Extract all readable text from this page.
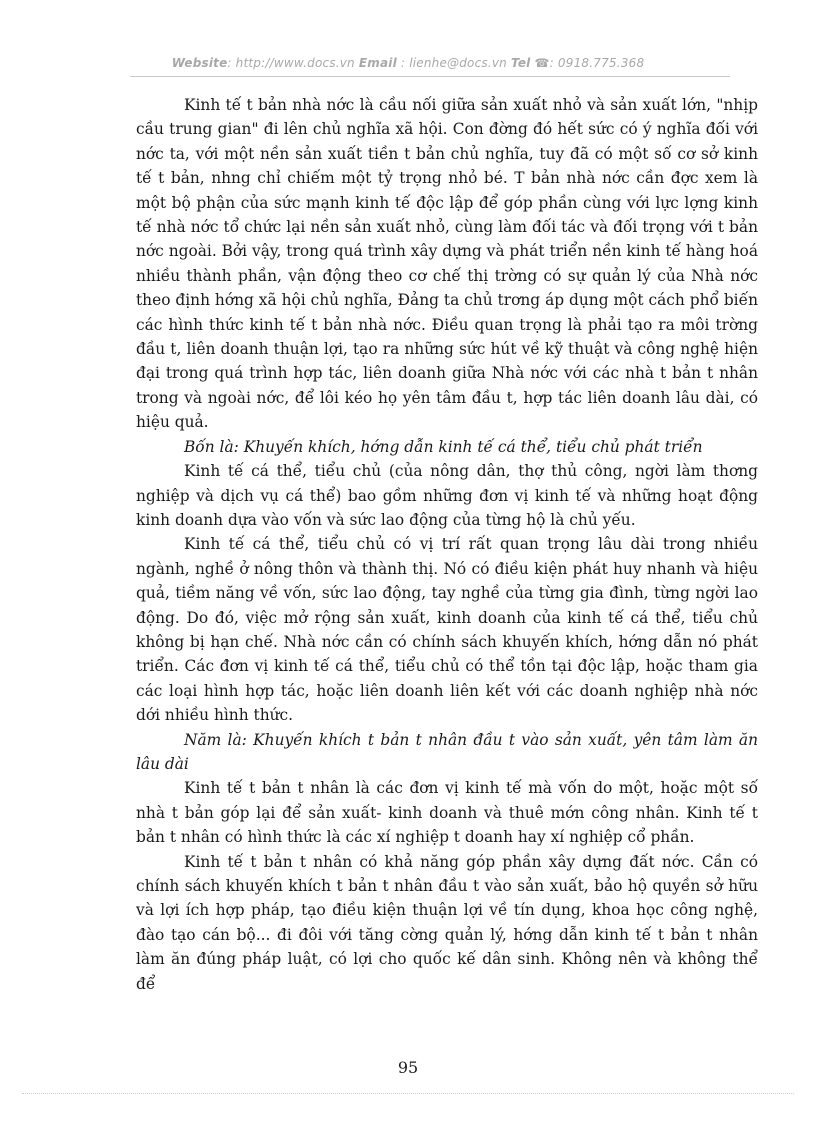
Website: http://www.docs.vn Email : lienhe@docs.vn Tel ☎: 0918.775.368

Kinh tế t bản nhà nớc là cầu nối giữa sản xuất nhỏ và sản xuất lớn, "nhịp cầu trung gian" đi lên chủ nghĩa xã hội. Con đờng đó hết sức có ý nghĩa đối với nớc ta, với một nền sản xuất tiền t bản chủ nghĩa, tuy đã có một số cơ sở kinh tế t bản, nhng chỉ chiếm một tỷ trọng nhỏ bé. T bản nhà nớc cần đợc xem là một bộ phận của sức mạnh kinh tế độc lập để góp phần cùng với lực lợng kinh tế nhà nớc tổ chức lại nền sản xuất nhỏ, cùng làm đối tác và đối trọng với t bản nớc ngoài. Bởi vậy, trong quá trình xây dựng và phát triển nền kinh tế hàng hoá nhiều thành phần, vận động theo cơ chế thị trờng có sự quản lý của Nhà nớc theo định hớng xã hội chủ nghĩa, Đảng ta chủ trơng áp dụng một cách phổ biến các hình thức kinh tế t bản nhà nớc. Điều quan trọng là phải tạo ra môi trờng đầu t, liên doanh thuận lợi, tạo ra những sức hút về kỹ thuật và công nghệ hiện đại trong quá trình hợp tác, liên doanh giữa Nhà nớc với các nhà t bản t nhân trong và ngoài nớc, để lôi kéo họ yên tâm đầu t, hợp tác liên doanh lâu dài, có hiệu quả.

Bốn là: Khuyến khích, hớng dẫn kinh tế cá thể, tiểu chủ phát triển

Kinh tế cá thể, tiểu chủ (của nông dân, thợ thủ công, ngời làm thơng nghiệp và dịch vụ cá thể) bao gồm những đơn vị kinh tế và những hoạt động kinh doanh dựa vào vốn và sức lao động của từng hộ là chủ yếu.

Kinh tế cá thể, tiểu chủ có vị trí rất quan trọng lâu dài trong nhiều ngành, nghề ở nông thôn và thành thị. Nó có điều kiện phát huy nhanh và hiệu quả, tiềm năng về vốn, sức lao động, tay nghề của từng gia đình, từng ngời lao động. Do đó, việc mở rộng sản xuất, kinh doanh của kinh tế cá thể, tiểu chủ không bị hạn chế. Nhà nớc cần có chính sách khuyến khích, hớng dẫn nó phát triển. Các đơn vị kinh tế cá thể, tiểu chủ có thể tồn tại độc lập, hoặc tham gia các loại hình hợp tác, hoặc liên doanh liên kết với các doanh nghiệp nhà nớc dới nhiều hình thức.

Năm là: Khuyến khích t bản t nhân đầu t vào sản xuất, yên tâm làm ăn lâu dài

Kinh tế t bản t nhân là các đơn vị kinh tế mà vốn do một, hoặc một số nhà t bản góp lại để sản xuất- kinh doanh và thuê mớn công nhân. Kinh tế t bản t nhân có hình thức là các xí nghiệp t doanh hay xí nghiệp cổ phần.

Kinh tế t bản t nhân có khả năng góp phần xây dựng đất nớc. Cần có chính sách khuyến khích t bản t nhân đầu t vào sản xuất, bảo hộ quyền sở hữu và lợi ích hợp pháp, tạo điều kiện thuận lợi về tín dụng, khoa học công nghệ, đào tạo cán bộ... đi đôi với tăng cờng quản lý, hớng dẫn kinh tế t bản t nhân làm ăn đúng pháp luật, có lợi cho quốc kế dân sinh. Không nên và không thể để

95
